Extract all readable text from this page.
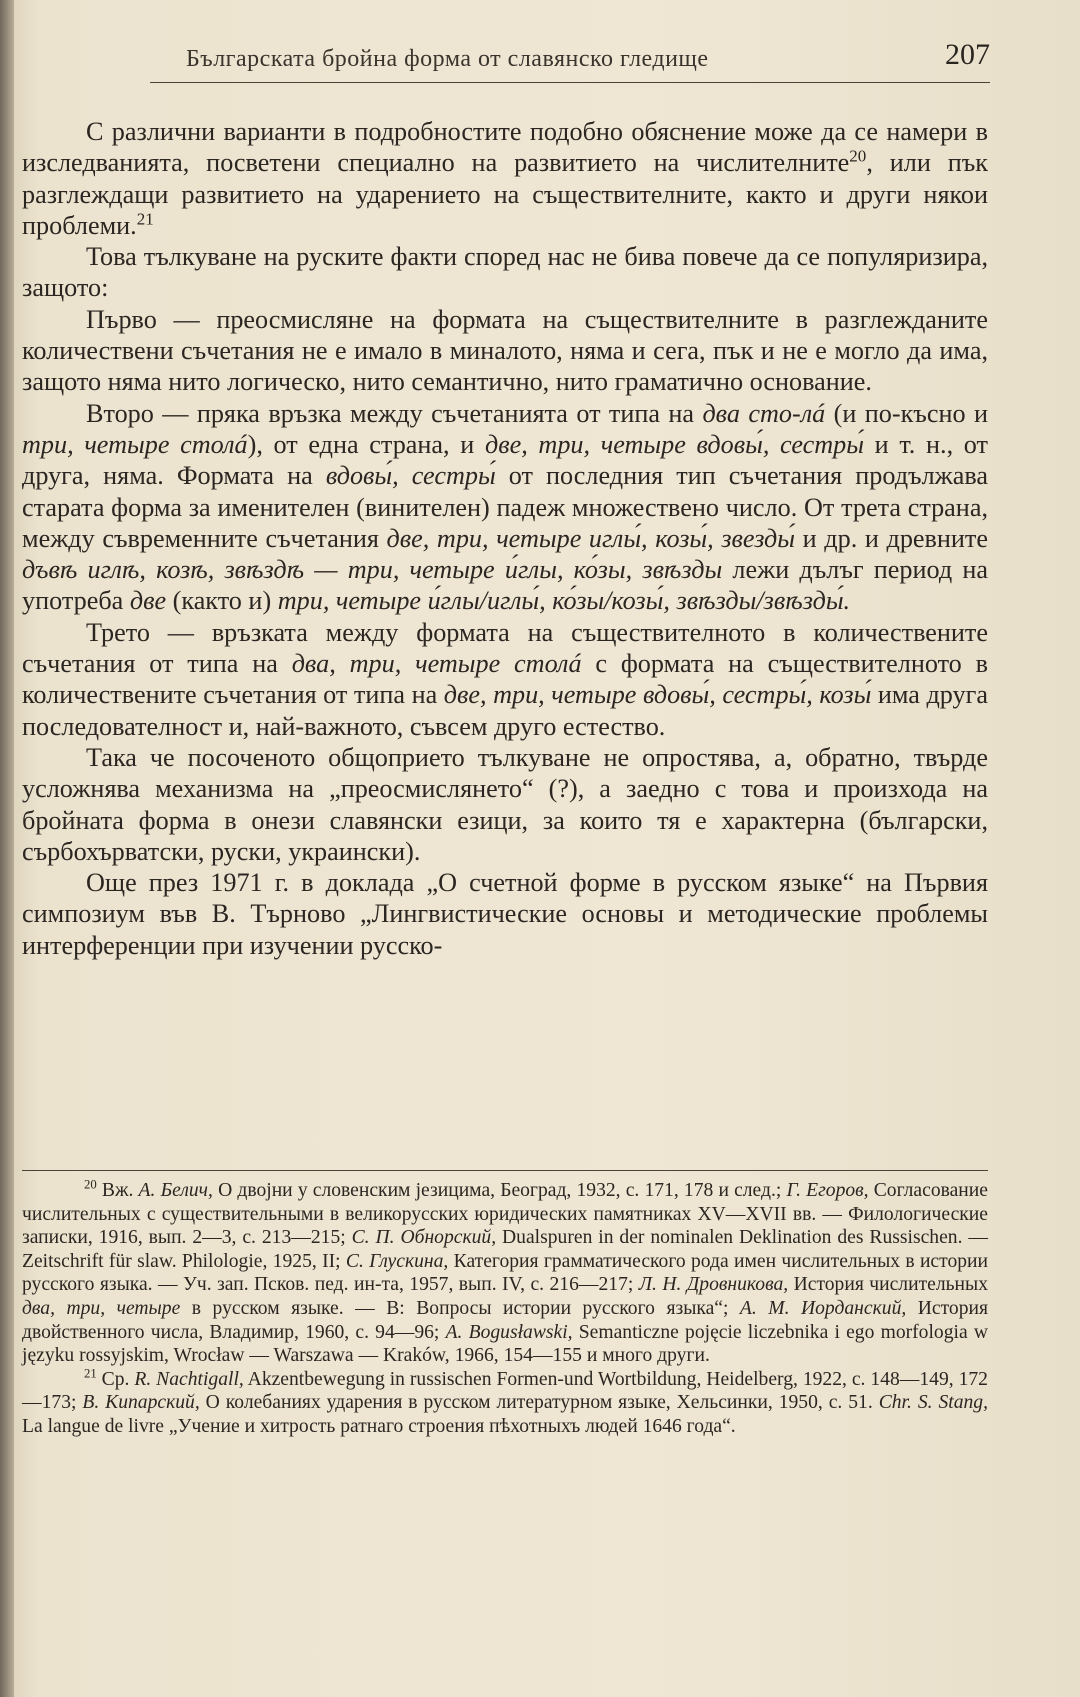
Българската бройна форма от славянско гледище	207

С различни варианти в подробностите подобно обяснение може да се намери в изследванията, посветени специално на развитието на числителните$^{20}$, или пък разглеждащи развитието на ударението на съществителните, както и други някои проблеми.$^{21}$

Това тълкуване на руските факти според нас не бива повече да се популяризира, защото:

Първо — преосмисляне на формата на съществителните в разглежданите количествени съчетания не е имало в миналото, няма и сега, пък и не е могло да има, защото няма нито логическо, нито семантично, нито граматично основание.

Второ — пряка връзка между съчетанията от типа на два сто-лá (и по-късно и три, четыре столá), от една страна, и две, три, четыре вдовы́, сестры́ и т. н., от друга, няма. Формата на вдовы́, сестры́ от последния тип съчетания продължава старата форма за именителен (винителен) падеж множествено число. От трета страна, между съвременните съчетания две, три, четыре иглы́, козы́, звезды́ и др. и древните дъвѣ иглѣ, козѣ, звѣздѣ — три, четыре и́глы, ко́зы, звѣзды лежи дълъг период на употреба две (както и) три, четыре и́глы/иглы́, ко́зы/козы́, звѣзды/звѣзды́.

Трето — връзката между формата на съществителното в количествените съчетания от типа на два, три, четыре столá с формата на съществителното в количествените съчетания от типа на две, три, четыре вдовы́, сестры́, козы́ има друга последователност и, най-важното, съвсем друго естество.

Така че посоченото общоприето тълкуване не опростява, а, обратно, твърде усложнява механизма на „преосмислянето“ (?), а заедно с това и произхода на бройната форма в онези славянски езици, за които тя е характерна (български, сърбохърватски, руски, украински).

Още през 1971 г. в доклада „О счетной форме в русском языке“ на Първия симпозиум във В. Търново „Лингвистические основы и методические проблемы интерференции при изучении русско-

$^{20}$ Вж. А. Белич, О двојни у словенским језицима, Београд, 1932, с. 171, 178 и след.; Г. Егоров, Согласование числительных с существительными в великорусских юридических памятниках XV—XVII вв. — Филологические записки, 1916, вып. 2—3, с. 213—215; С. П. Обнорский, Dualspuren in der nominalen Deklination des Russischen. — Zeitschrift für slaw. Philologie, 1925, II; С. Глускина, Категория грамматического рода имен числительных в истории русского языка. — Уч. зап. Псков. пед. ин-та, 1957, вып. IV, с. 216—217; Л. Н. Дровникова, История числительных два, три, четыре в русском языке. — В: Вопросы истории русского языка“; А. М. Иорданский, История двойственного числа, Владимир, 1960, с. 94—96; A. Bogusławski, Semanticzne pojęcie liczebnika i ego morfologia w języku rossyjskim, Wrocław — Warszawa — Kraków, 1966, 154—155 и много други.

$^{21}$ Ср. R. Nachtigall, Akzentbewegung in russischen Formen-und Wortbildung, Heidelberg, 1922, с. 148—149, 172—173; В. Кипарский, О колебаниях ударения в русском литературном языке, Хельсинки, 1950, с. 51. Chr. S. Stang, La langue de livre „Учение и хитрость ратнаго строения пѣхотныхъ людей 1646 года“.
